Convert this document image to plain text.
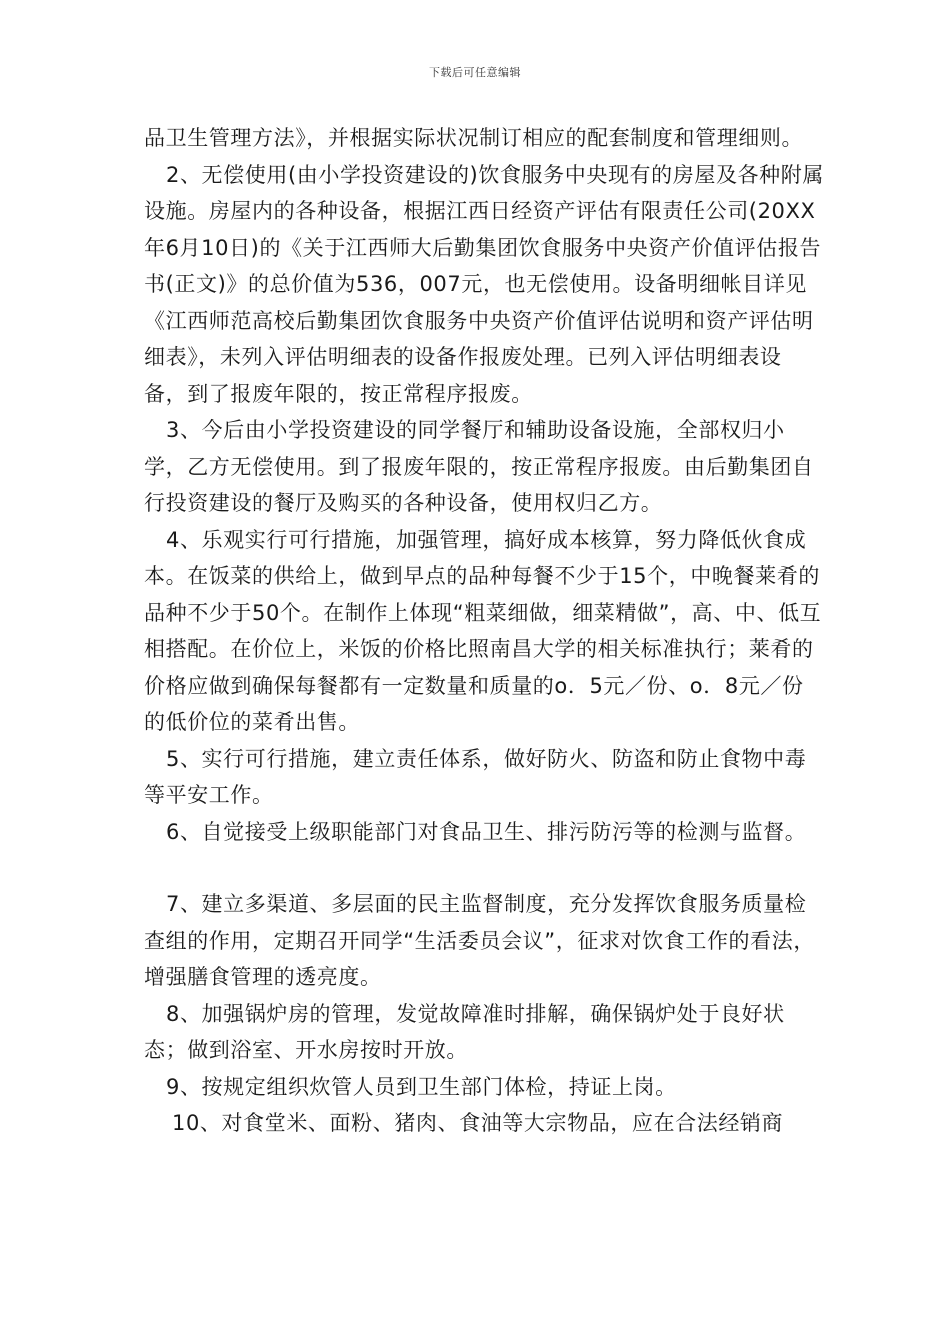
下载后可任意编辑

品卫生管理方法》，并根据实际状况制订相应的配套制度和管理细则。

2、无偿使用(由小学投资建设的)饮食服务中央现有的房屋及各种附属设施。房屋内的各种设备，根据江西日经资产评估有限责任公司(20XX年6月10日)的《关于江西师大后勤集团饮食服务中央资产价值评估报告书(正文)》的总价值为536，007元，也无偿使用。设备明细帐目详见《江西师范高校后勤集团饮食服务中央资产价值评估说明和资产评估明细表》，未列入评估明细表的设备作报废处理。已列入评估明细表设备，到了报废年限的，按正常程序报废。

3、今后由小学投资建设的同学餐厅和辅助设备设施，全部权归小学，乙方无偿使用。到了报废年限的，按正常程序报废。由后勤集团自行投资建设的餐厅及购买的各种设备，使用权归乙方。

4、乐观实行可行措施，加强管理，搞好成本核算，努力降低伙食成本。在饭菜的供给上，做到早点的品种每餐不少于15个，中晚餐莱肴的品种不少于50个。在制作上体现“粗菜细做，细菜精做”，高、中、低互相搭配。在价位上，米饭的价格比照南昌大学的相关标准执行；莱肴的价格应做到确保每餐都有一定数量和质量的o．5元／份、o．8元／份的低价位的菜肴出售。

5、实行可行措施，建立责任体系，做好防火、防盗和防止食物中毒等平安工作。

6、自觉接受上级职能部门对食品卫生、排污防污等的检测与监督。

7、建立多渠道、多层面的民主监督制度，充分发挥饮食服务质量检查组的作用，定期召开同学“生活委员会议”，征求对饮食工作的看法，增强膳食管理的透亮度。

8、加强锅炉房的管理，发觉故障准时排解，确保锅炉处于良好状态；做到浴室、开水房按时开放。

9、按规定组织炊管人员到卫生部门体检，持证上岗。

10、对食堂米、面粉、猪肉、食油等大宗物品，应在合法经销商
